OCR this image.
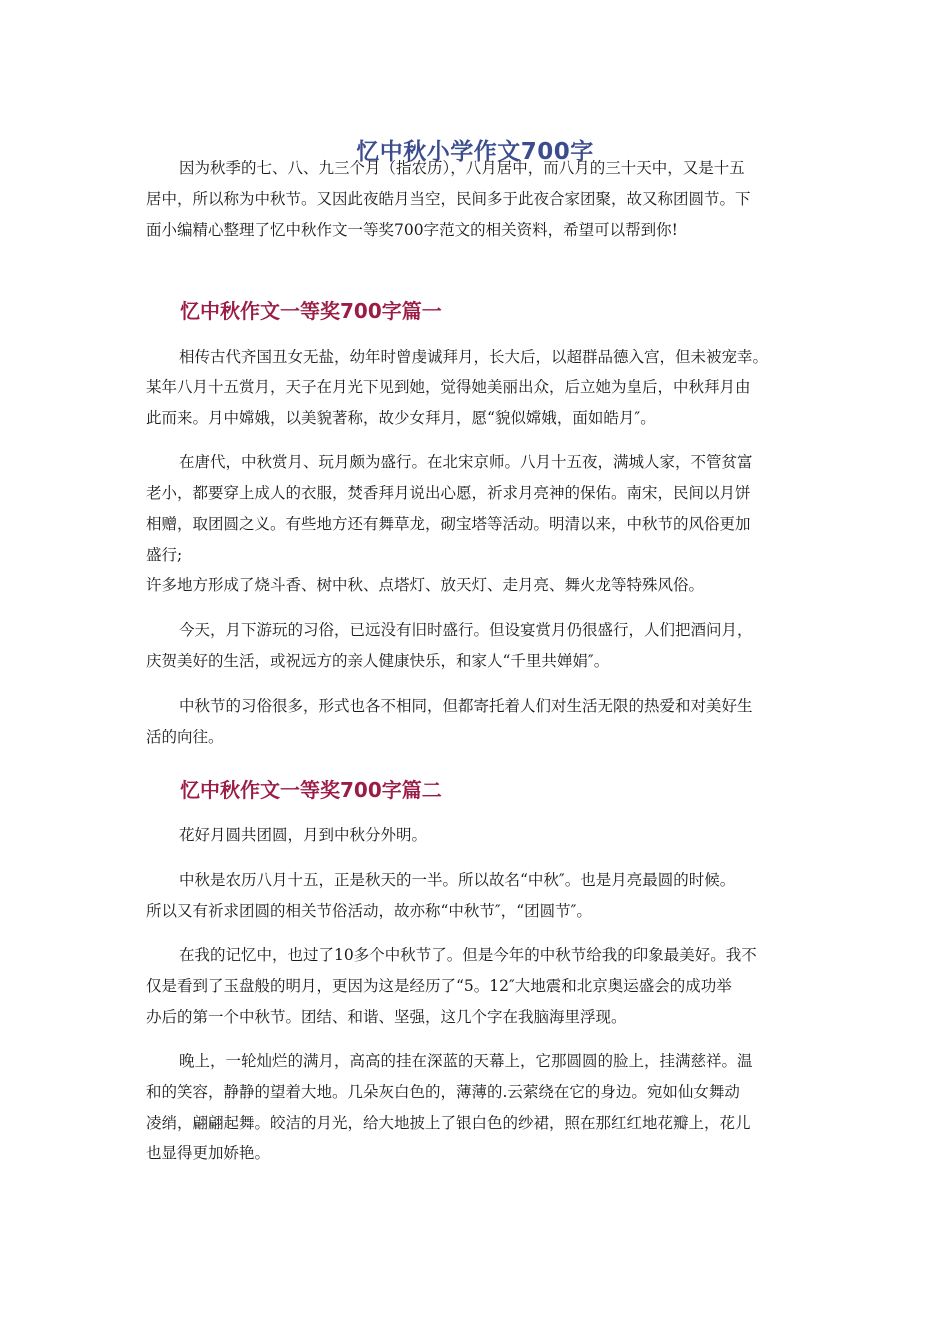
忆中秋小学作文700字
因为秋季的七、八、九三个月（指农历），八月居中，而八月的三十天中，又是十五
居中，所以称为中秋节。又因此夜皓月当空，民间多于此夜合家团聚，故又称团圆节。下
面小编精心整理了忆中秋作文一等奖700字范文的相关资料，希望可以帮到你!
忆中秋作文一等奖700字篇一
相传古代齐国丑女无盐，幼年时曾虔诚拜月，长大后，以超群品德入宫，但未被宠幸。
某年八月十五赏月，天子在月光下见到她，觉得她美丽出众，后立她为皇后，中秋拜月由
此而来。月中嫦娥，以美貌著称，故少女拜月，愿“貌似嫦娥，面如皓月″。
在唐代，中秋赏月、玩月颇为盛行。在北宋京师。八月十五夜，满城人家，不管贫富
老小，都要穿上成人的衣服，焚香拜月说出心愿，祈求月亮神的保佑。南宋，民间以月饼
相赠，取团圆之义。有些地方还有舞草龙，砌宝塔等活动。明清以来，中秋节的风俗更加
盛行;
许多地方形成了烧斗香、树中秋、点塔灯、放天灯、走月亮、舞火龙等特殊风俗。
今天，月下游玩的习俗，已远没有旧时盛行。但设宴赏月仍很盛行，人们把酒问月，
庆贺美好的生活，或祝远方的亲人健康快乐，和家人“千里共婵娟″。
中秋节的习俗很多，形式也各不相同，但都寄托着人们对生活无限的热爱和对美好生
活的向往。
忆中秋作文一等奖700字篇二
花好月圆共团圆，月到中秋分外明。
中秋是农历八月十五，正是秋天的一半。所以故名“中秋″。也是月亮最圆的时候。
所以又有祈求团圆的相关节俗活动，故亦称“中秋节″，“团圆节″。
在我的记忆中，也过了10多个中秋节了。但是今年的中秋节给我的印象最美好。我不
仅是看到了玉盘般的明月，更因为这是经历了“5。12″大地震和北京奥运盛会的成功举
办后的第一个中秋节。团结、和谐、坚强，这几个字在我脑海里浮现。
晚上，一轮灿烂的满月，高高的挂在深蓝的天幕上，它那圆圆的脸上，挂满慈祥。温
和的笑容，静静的望着大地。几朵灰白色的，薄薄的.云萦绕在它的身边。宛如仙女舞动
凌绡，翩翩起舞。皎洁的月光，给大地披上了银白色的纱裙，照在那红红地花瓣上，花儿
也显得更加娇艳。
